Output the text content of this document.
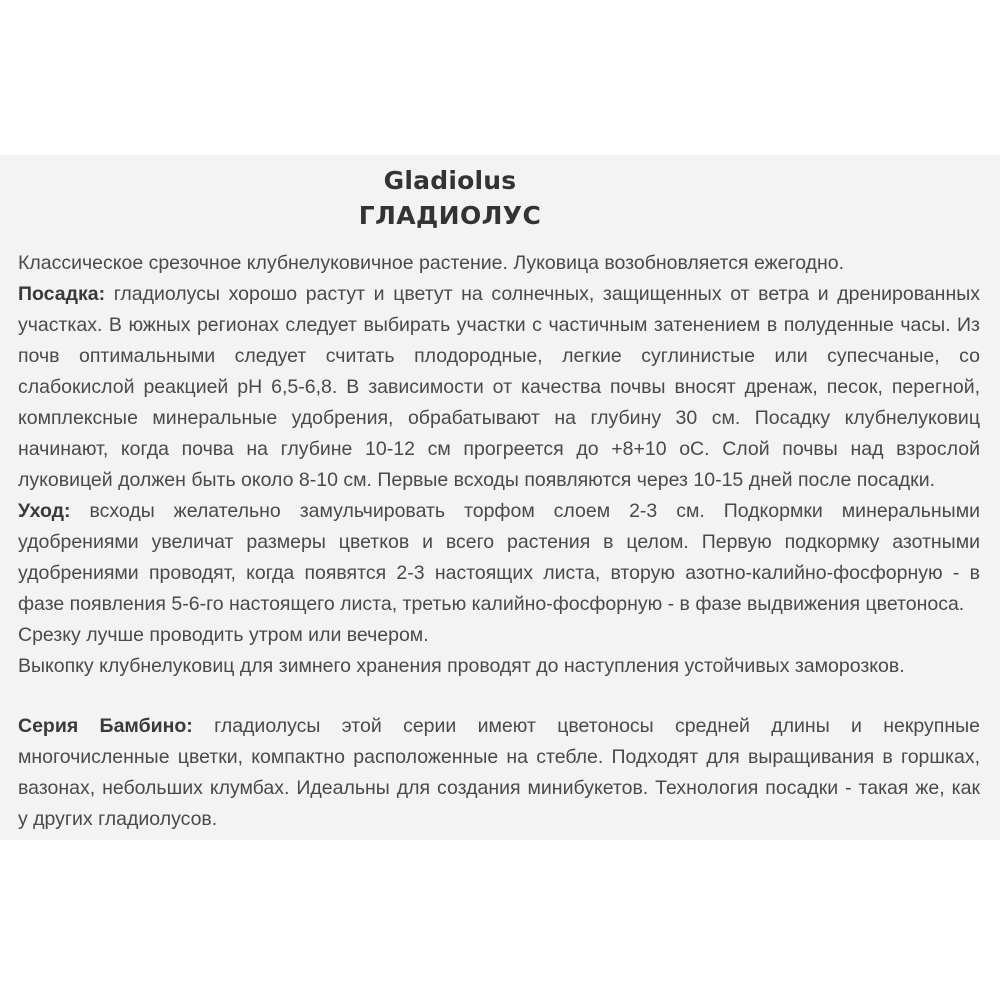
Gladiolus
ГЛАДИОЛУС
Классическое срезочное клубнелуковичное растение. Луковица возобновляется ежегодно.
Посадка: гладиолусы хорошо растут и цветут на солнечных, защищенных от ветра и дренированных
участках. В южных регионах следует выбирать участки с частичным затенением в полуденные часы. Из
почв оптимальными следует считать плодородные, легкие суглинистые или супесчаные, со
слабокислой реакцией pH 6,5-6,8. В зависимости от качества почвы вносят дренаж, песок, перегной,
комплексные минеральные удобрения, обрабатывают на глубину 30 см. Посадку клубнелуковиц
начинают, когда почва на глубине 10-12 см прогреется до +8+10 оС. Слой почвы над взрослой
луковицей должен быть около 8-10 см. Первые всходы появляются через 10-15 дней после посадки.
Уход: всходы желательно замульчировать торфом слоем 2-3 см. Подкормки минеральными
удобрениями увеличат размеры цветков и всего растения в целом. Первую подкормку азотными
удобрениями проводят, когда появятся 2-3 настоящих листа, вторую азотно-калийно-фосфорную - в
фазе появления 5-6-го настоящего листа, третью калийно-фосфорную - в фазе выдвижения цветоноса.
Срезку лучше проводить утром или вечером.
Выкопку клубнелуковиц для зимнего хранения проводят до наступления устойчивых заморозков.
Серия Бамбино: гладиолусы этой серии имеют цветоносы средней длины и некрупные
многочисленные цветки, компактно расположенные на стебле. Подходят для выращивания в горшках,
вазонах, небольших клумбах. Идеальны для создания минибукетов. Технология посадки - такая же, как
у других гладиолусов.
